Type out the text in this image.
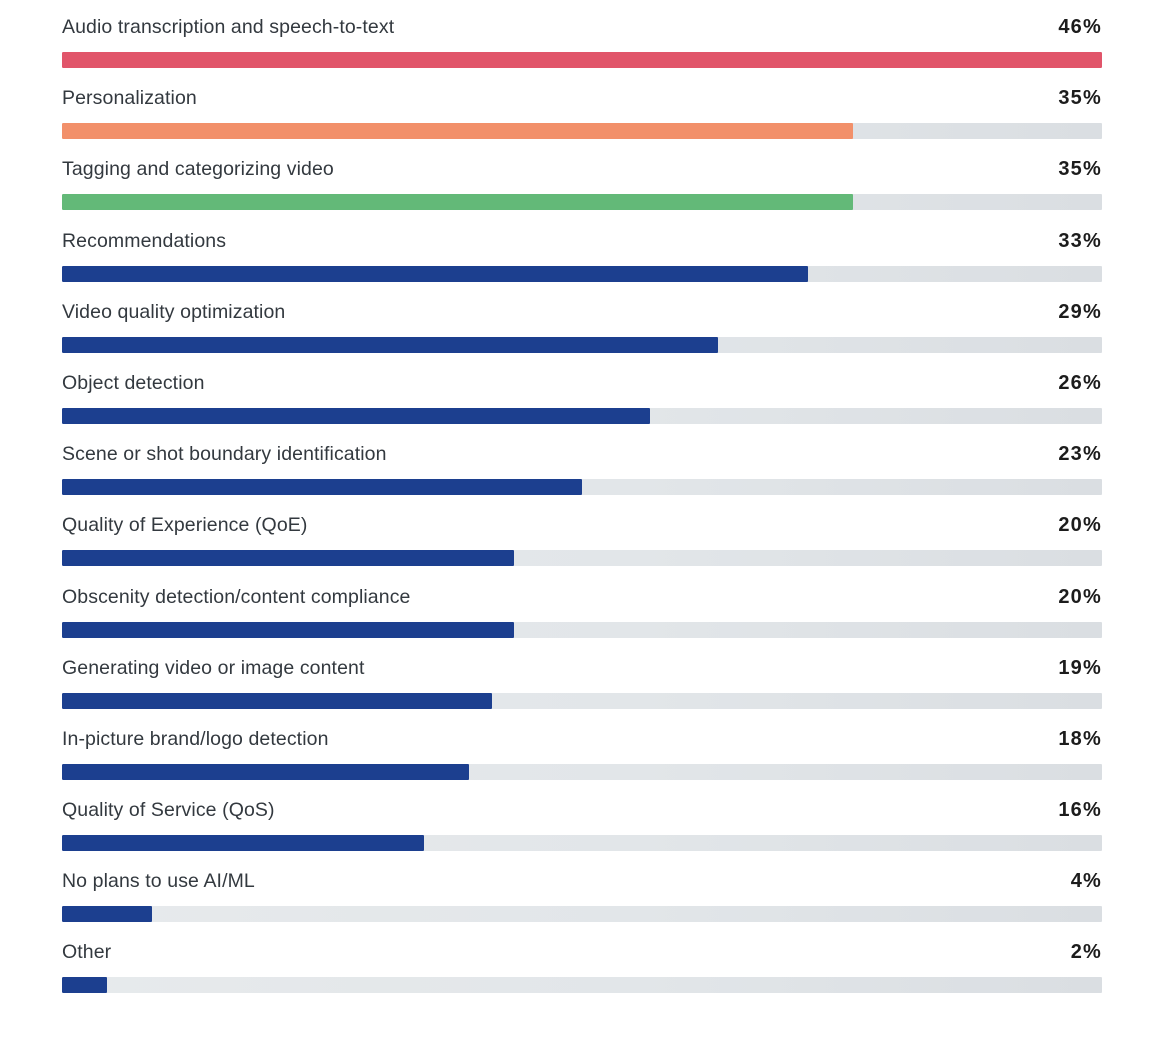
Audio transcription and speech-to-text	46%
Personalization	35%
Tagging and categorizing video	35%
Recommendations	33%
Video quality optimization	29%
Object detection	26%
Scene or shot boundary identification	23%
Quality of Experience (QoE)	20%
Obscenity detection/content compliance	20%
Generating video or image content	19%
In-picture brand/logo detection	18%
Quality of Service (QoS)	16%
No plans to use AI/ML	4%
Other	2%
